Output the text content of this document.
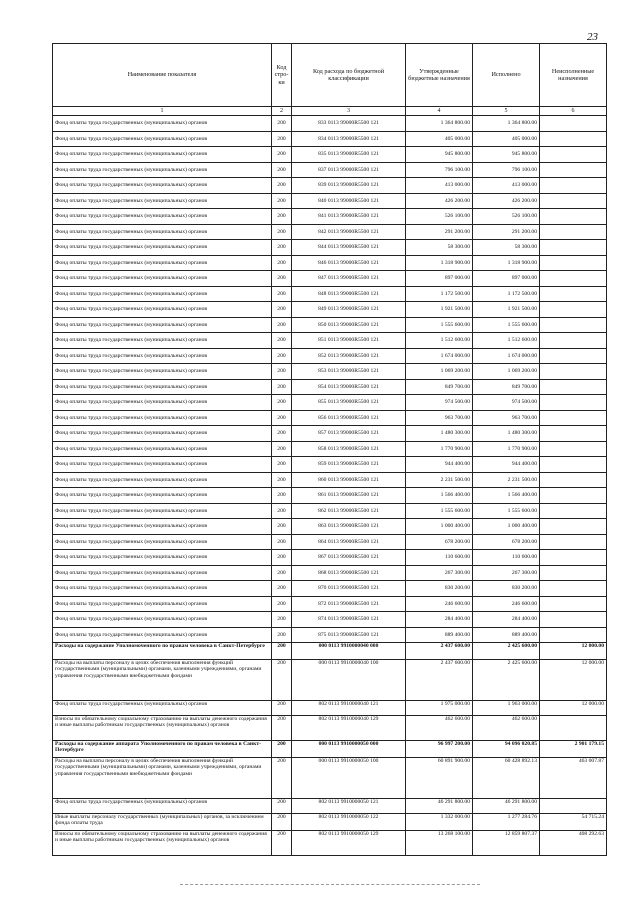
23
Наименование показателя	Код стро-ки	Код расхода по бюджетной классификации	Утвержденные бюджетные назначения	Исполнено	Неисполненные назначения
1	2	3	4	5	6
Фонд оплаты труда государственных (муниципальных) органов	200	833 0113 99000R5500 121	1 364 800.00	1 364 800.00	
Фонд оплаты труда государственных (муниципальных) органов	200	834 0113 99000R5500 121	405 000.00	405 000.00	
Фонд оплаты труда государственных (муниципальных) органов	200	835 0113 99000R5500 121	945 800.00	945 800.00	
Фонд оплаты труда государственных (муниципальных) органов	200	837 0113 99000R5500 121	796 100.00	796 100.00	
Фонд оплаты труда государственных (муниципальных) органов	200	839 0113 99000R5500 121	413 000.00	413 000.00	
Фонд оплаты труда государственных (муниципальных) органов	200	840 0113 99000R5500 121	426 200.00	426 200.00	
Фонд оплаты труда государственных (муниципальных) органов	200	841 0113 99000R5500 121	526 100.00	526 100.00	
Фонд оплаты труда государственных (муниципальных) органов	200	842 0113 99000R5500 121	291 200.00	291 200.00	
Фонд оплаты труда государственных (муниципальных) органов	200	844 0113 99000R5500 121	58 300.00	58 300.00	
Фонд оплаты труда государственных (муниципальных) органов	200	846 0113 99000R5500 121	1 318 900.00	1 318 900.00	
Фонд оплаты труда государственных (муниципальных) органов	200	847 0113 99000R5500 121	897 000.00	897 000.00	
Фонд оплаты труда государственных (муниципальных) органов	200	848 0113 99000R5500 121	1 172 500.00	1 172 500.00	
Фонд оплаты труда государственных (муниципальных) органов	200	849 0113 99000R5500 121	1 921 500.00	1 921 500.00	
Фонд оплаты труда государственных (муниципальных) органов	200	850 0113 99000R5500 121	1 555 600.00	1 555 600.00	
Фонд оплаты труда государственных (муниципальных) органов	200	851 0113 99000R5500 121	1 512 600.00	1 512 600.00	
Фонд оплаты труда государственных (муниципальных) органов	200	852 0113 99000R5500 121	1 674 000.00	1 674 000.00	
Фонд оплаты труда государственных (муниципальных) органов	200	853 0113 99000R5500 121	1 069 200.00	1 069 200.00	
Фонд оплаты труда государственных (муниципальных) органов	200	854 0113 99000R5500 121	849 700.00	849 700.00	
Фонд оплаты труда государственных (муниципальных) органов	200	855 0113 99000R5500 121	974 500.00	974 500.00	
Фонд оплаты труда государственных (муниципальных) органов	200	856 0113 99000R5500 121	963 700.00	963 700.00	
Фонд оплаты труда государственных (муниципальных) органов	200	857 0113 99000R5500 121	1 480 300.00	1 480 300.00	
Фонд оплаты труда государственных (муниципальных) органов	200	858 0113 99000R5500 121	1 770 900.00	1 770 900.00	
Фонд оплаты труда государственных (муниципальных) органов	200	859 0113 99000R5500 121	944 400.00	944 400.00	
Фонд оплаты труда государственных (муниципальных) органов	200	860 0113 99000R5500 121	2 231 500.00	2 231 500.00	
Фонд оплаты труда государственных (муниципальных) органов	200	861 0113 99000R5500 121	1 566 400.00	1 566 400.00	
Фонд оплаты труда государственных (муниципальных) органов	200	862 0113 99000R5500 121	1 555 600.00	1 555 600.00	
Фонд оплаты труда государственных (муниципальных) органов	200	863 0113 99000R5500 121	1 000 400.00	1 000 400.00	
Фонд оплаты труда государственных (муниципальных) органов	200	864 0113 99000R5500 121	678 200.00	678 200.00	
Фонд оплаты труда государственных (муниципальных) органов	200	867 0113 99000R5500 121	110 600.00	110 600.00	
Фонд оплаты труда государственных (муниципальных) органов	200	868 0113 99000R5500 121	267 300.00	267 300.00	
Фонд оплаты труда государственных (муниципальных) органов	200	870 0113 99000R5500 121	830 200.00	830 200.00	
Фонд оплаты труда государственных (муниципальных) органов	200	872 0113 99000R5500 121	246 600.00	246 600.00	
Фонд оплаты труда государственных (муниципальных) органов	200	874 0113 99000R5500 121	284 400.00	284 400.00	
Фонд оплаты труда государственных (муниципальных) органов	200	875 0113 99000R5500 121	889 400.00	889 400.00	
Расходы на содержание Уполномоченного по правам человека в Санкт-Петербурге	200	000 0113 9910000040 000	2 437 600.00	2 425 600.00	12 000.00
Расходы на выплаты персоналу в целях обеспечения выполнения функций государственными (муниципальными) органами, казенными учреждениями, органами управления государственными внебюджетными фондами	200	000 0113 9910000040 100	2 437 600.00	2 425 600.00	12 000.00
Фонд оплаты труда государственных (муниципальных) органов	200	802 0113 9910000040 121	1 975 000.00	1 963 000.00	12 000.00
Взносы по обязательному социальному страхованию на выплаты денежного содержания и иные выплаты работникам государственных (муниципальных) органов	200	802 0113 9910000040 129	462 600.00	462 600.00	
Расходы на содержание аппарата Уполномоченного по правам человека в Санкт-Петербурге	200	000 0113 9910000050 000	96 997 200.00	94 096 020.85	2 901 179.15
Расходы на выплаты персоналу в целях обеспечения выполнения функций государственными (муниципальными) органами, казенными учреждениями, органами управления государственными внебюджетными фондами	200	000 0113 9910000050 100	60 891 900.00	60 428 892.13	463 007.87
Фонд оплаты труда государственных (муниципальных) органов	200	802 0113 9910000050 121	46 291 800.00	46 291 800.00	
Иные выплаты персоналу государственных (муниципальных) органов, за исключением фонда оплаты труда	200	802 0113 9910000050 122	1 332 000.00	1 277 284.76	54 715.24
Взносы по обязательному социальному страхованию на выплаты денежного содержания и иные выплаты работникам государственных (муниципальных) органов	200	802 0113 9910000050 129	13 268 100.00	12 859 807.37	408 292.63
